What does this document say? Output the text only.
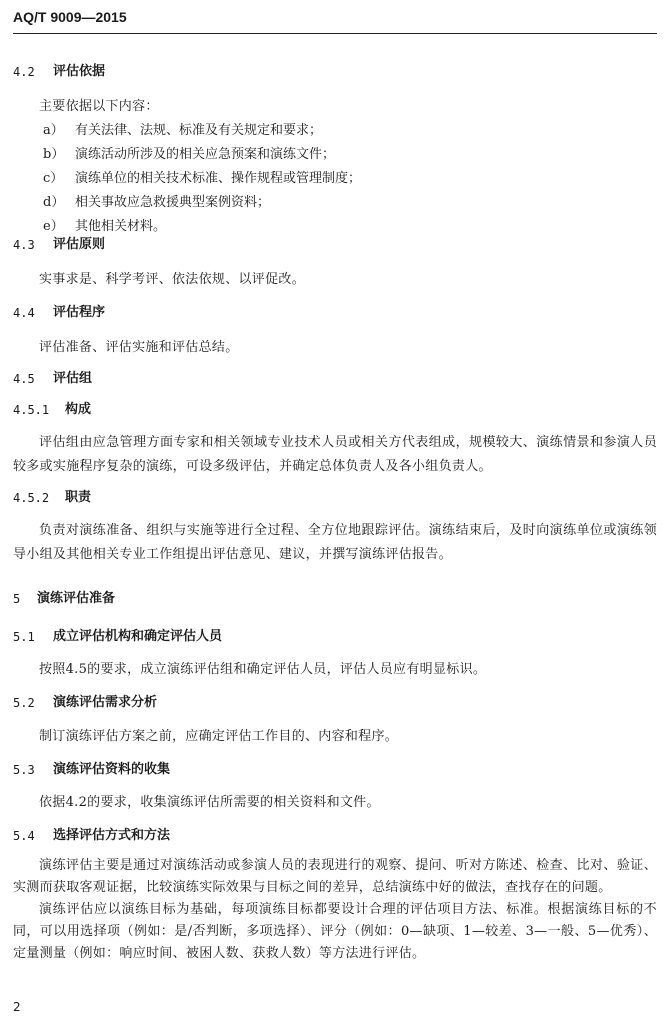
AQ/T 9009—2015
4.2	评估依据
主要依据以下内容：
a） 有关法律、法规、标准及有关规定和要求；
b） 演练活动所涉及的相关应急预案和演练文件；
c） 演练单位的相关技术标准、操作规程或管理制度；
d） 相关事故应急救援典型案例资料；
e） 其他相关材料。
4.3	评估原则
实事求是、科学考评、依法依规、以评促改。
4.4	评估程序
评估准备、评估实施和评估总结。
4.5	评估组
4.5.1	构成
评估组由应急管理方面专家和相关领域专业技术人员或相关方代表组成，规模较大、演练情景和参演人员较多或实施程序复杂的演练，可设多级评估，并确定总体负责人及各小组负责人。
4.5.2	职责
负责对演练准备、组织与实施等进行全过程、全方位地跟踪评估。演练结束后，及时向演练单位或演练领导小组及其他相关专业工作组提出评估意见、建议，并撰写演练评估报告。
5	演练评估准备
5.1	成立评估机构和确定评估人员
按照4.5的要求，成立演练评估组和确定评估人员，评估人员应有明显标识。
5.2	演练评估需求分析
制订演练评估方案之前，应确定评估工作目的、内容和程序。
5.3	演练评估资料的收集
依据4.2的要求，收集演练评估所需要的相关资料和文件。
5.4	选择评估方式和方法
演练评估主要是通过对演练活动或参演人员的表现进行的观察、提问、听对方陈述、检查、比对、验证、实测而获取客观证据，比较演练实际效果与目标之间的差异，总结演练中好的做法，查找存在的问题。
演练评估应以演练目标为基础，每项演练目标都要设计合理的评估项目方法、标准。根据演练目标的不同，可以用选择项（例如：是/否判断，多项选择）、评分（例如：0—缺项、1—较差、3—一般、5—优秀）、定量测量（例如：响应时间、被困人数、获救人数）等方法进行评估。
2
